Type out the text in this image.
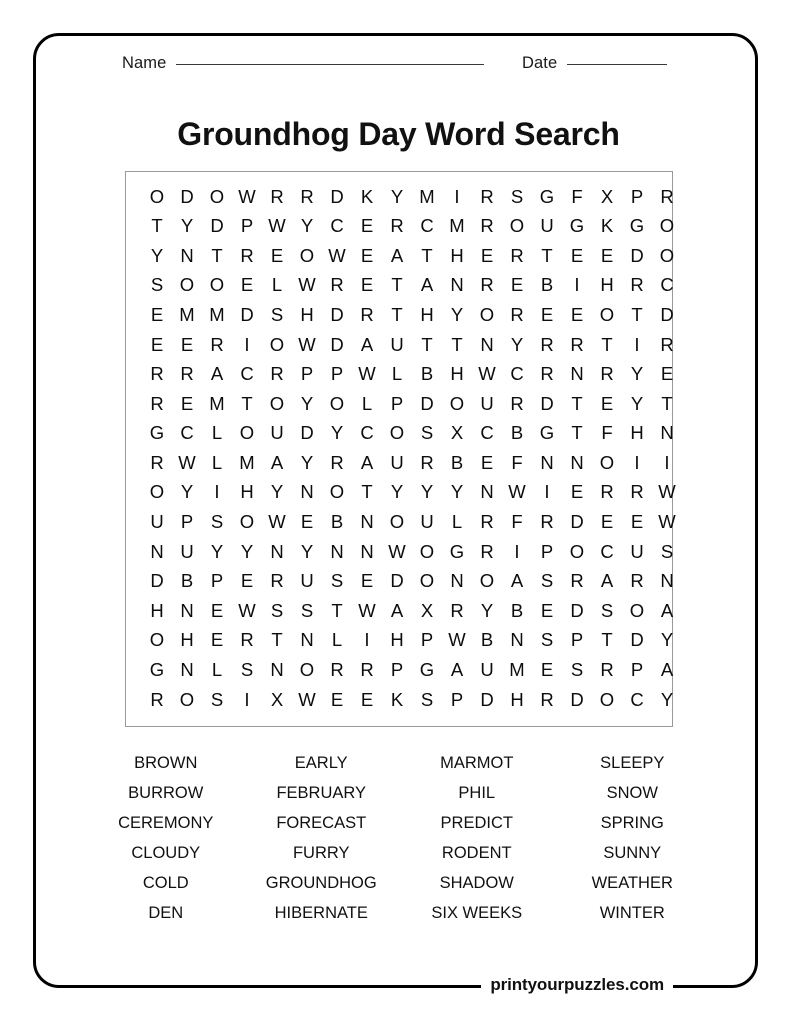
Name	Date
Groundhog Day Word Search
O D O W R R D K Y M	I	R S G F X P R
T Y D P W Y C E R C M R O U G K G O
Y N T R E O W E A T H E R T E E D O
S O O E	L W R E T A N R E B	I	H R C
E M M D S H D R T H Y O R E E O T D
E E R	I	O W D A U T	T N Y R R T	I	R
R R A C R P P W L	B H W C R N R Y E
R E M T O Y O L	P D O U R D T E Y T
G C L O U D Y C O S X C B G T	F H N
R W L M A Y R A U R B E F N N O	I	I
O Y	I	H Y N O T Y Y Y N W	I	E R R W
U P S O W E B N O U L R F R D E E W
N U Y Y N Y N N W O G R	I	P O C U S
D B P E R U S E D O N O A S R A R N
H N E W S S T W A X R Y B E D S O A
O H E R T N L	I	H P W B N S P T D Y
G N L	S N O R R P G A U M E S R P A
R O S	I	X W E E K S P D H R D O C Y
BROWN
BURROW
CEREMONY
CLOUDY
COLD
DEN
EARLY
FEBRUARY
FORECAST
FURRY
GROUNDHOG
HIBERNATE
MARMOT
PHIL
PREDICT
RODENT
SHADOW
SIX WEEKS
SLEEPY
SNOW
SPRING
SUNNY
WEATHER
WINTER
printyourpuzzles.com
